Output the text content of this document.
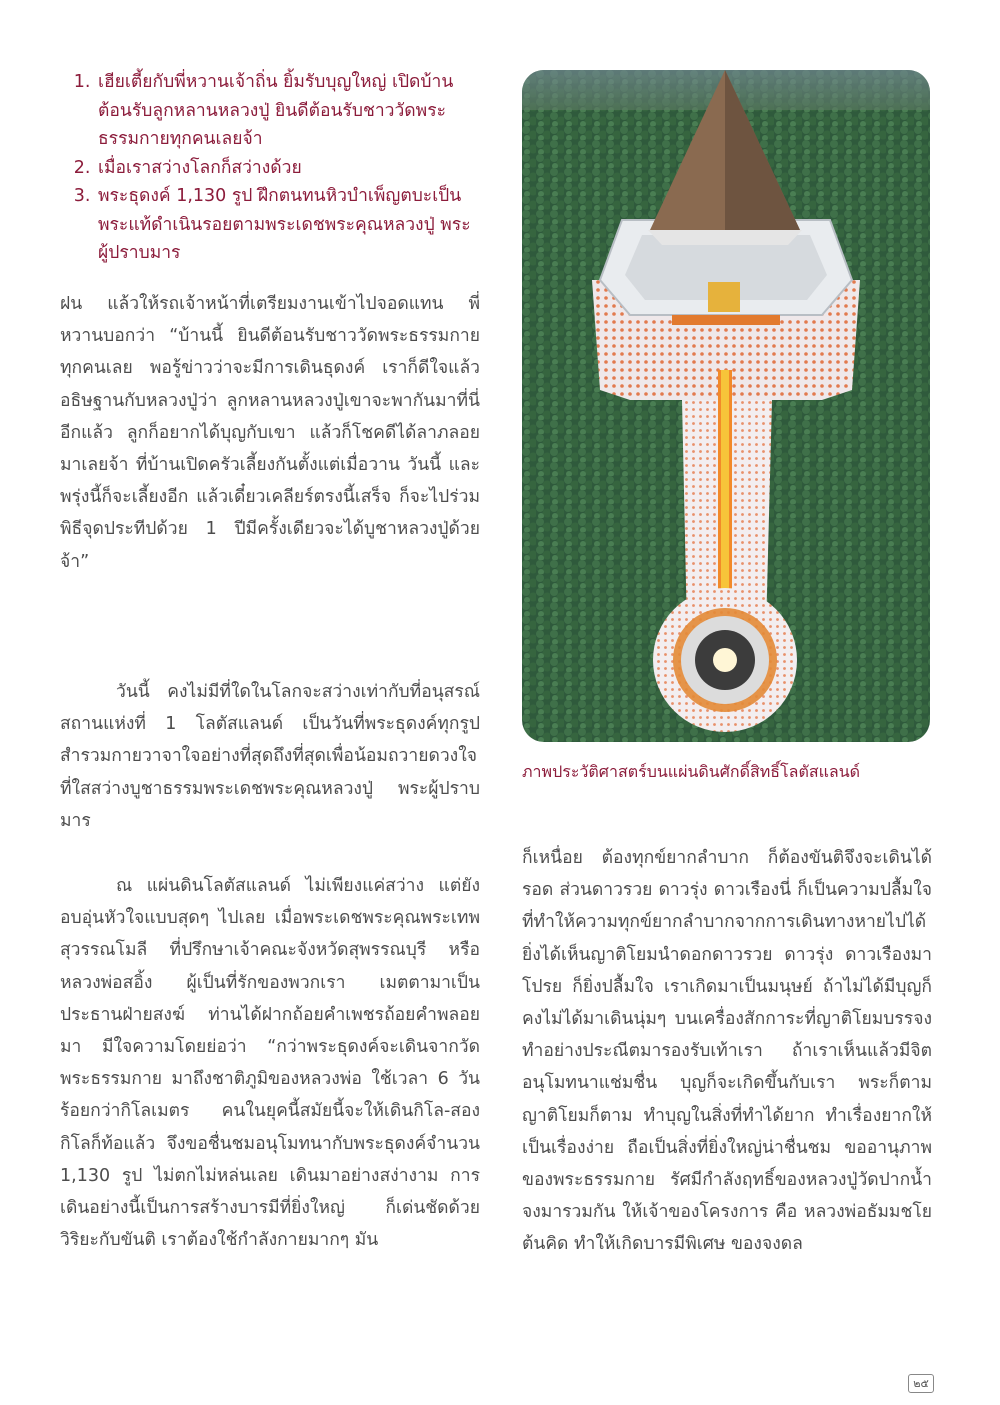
1. เฮียเตี้ยกับพี่หวานเจ้าถิ่น ยิ้มรับบุญใหญ่ เปิดบ้านต้อนรับลูกหลานหลวงปู่ ยินดีต้อนรับชาววัดพระธรรมกายทุกคนเลยจ้า
2. เมื่อเราสว่างโลกก็สว่างด้วย
3. พระธุดงค์ 1,130 รูป ฝึกตนทนหิวบำเพ็ญตบะเป็นพระแท้ดำเนินรอยตามพระเดชพระคุณหลวงปู่ พระผู้ปราบมาร

ฝน แล้วให้รถเจ้าหน้าที่เตรียมงานเข้าไปจอดแทน พี่หวานบอกว่า “บ้านนี้ ยินดีต้อนรับชาววัดพระธรรมกายทุกคนเลย พอรู้ข่าวว่าจะมีการเดินธุดงค์ เราก็ดีใจแล้ว อธิษฐานกับหลวงปู่ว่า ลูกหลานหลวงปู่เขาจะพากันมาที่นี่อีกแล้ว ลูกก็อยากได้บุญกับเขา แล้วก็โชคดีได้ลาภลอยมาเลยจ้า ที่บ้านเปิดครัวเลี้ยงกันตั้งแต่เมื่อวาน วันนี้ และพรุ่งนี้ก็จะเลี้ยงอีก แล้วเดี๋ยวเคลียร์ตรงนี้เสร็จ ก็จะไปร่วมพิธีจุดประทีปด้วย 1 ปีมีครั้งเดียวจะได้บูชาหลวงปู่ด้วยจ้า”

วันนี้ คงไม่มีที่ใดในโลกจะสว่างเท่ากับที่อนุสรณ์สถานแห่งที่ 1 โลตัสแลนด์ เป็นวันที่พระธุดงค์ทุกรูปสำรวมกายวาจาใจอย่างที่สุดถึงที่สุดเพื่อน้อมถวายดวงใจที่ใสสว่างบูชาธรรมพระเดชพระคุณหลวงปู่ พระผู้ปราบมาร

ณ แผ่นดินโลตัสแลนด์ ไม่เพียงแค่สว่าง แต่ยังอบอุ่นหัวใจแบบสุดๆ ไปเลย เมื่อพระเดชพระคุณพระเทพสุวรรณโมลี ที่ปรึกษาเจ้าคณะจังหวัดสุพรรณบุรี หรือ หลวงพ่อสอิ้ง ผู้เป็นที่รักของพวกเรา เมตตามาเป็นประธานฝ่ายสงฆ์ ท่านได้ฝากถ้อยคำเพชรถ้อยคำพลอยมา มีใจความโดยย่อว่า “กว่าพระธุดงค์จะเดินจากวัดพระธรรมกาย มาถึงชาติภูมิของหลวงพ่อ ใช้เวลา 6 วัน ร้อยกว่ากิโลเมตร คนในยุคนี้สมัยนี้จะให้เดินกิโล-สองกิโลก็ท้อแล้ว จึงขอชื่นชมอนุโมทนากับพระธุดงค์จำนวน 1,130 รูป ไม่ตกไม่หล่นเลย เดินมาอย่างสง่างาม การเดินอย่างนี้เป็นการสร้างบารมีที่ยิ่งใหญ่ ก็เด่นชัดด้วยวิริยะกับขันติ เราต้องใช้กำลังกายมากๆ มัน

ภาพประวัติศาสตร์บนแผ่นดินศักดิ์สิทธิ์โลตัสแลนด์

ก็เหนื่อย ต้องทุกข์ยากลำบาก ก็ต้องขันติจึงจะเดินได้รอด ส่วนดาวรวย ดาวรุ่ง ดาวเรืองนี่ ก็เป็นความปลื้มใจ ที่ทำให้ความทุกข์ยากลำบากจากการเดินทางหายไปได้ ยิ่งได้เห็นญาติโยมนำดอกดาวรวย ดาวรุ่ง ดาวเรืองมาโปรย ก็ยิ่งปลื้มใจ เราเกิดมาเป็นมนุษย์ ถ้าไม่ได้มีบุญก็คงไม่ได้มาเดินนุ่มๆ บนเครื่องสักการะที่ญาติโยมบรรจงทำอย่างประณีตมารองรับเท้าเรา ถ้าเราเห็นแล้วมีจิตอนุโมทนาแช่มชื่น บุญก็จะเกิดขึ้นกับเรา พระก็ตาม ญาติโยมก็ตาม ทำบุญในสิ่งที่ทำได้ยาก ทำเรื่องยากให้เป็นเรื่องง่าย ถือเป็นสิ่งที่ยิ่งใหญ่น่าชื่นชม ขออานุภาพของพระธรรมกาย รัศมีกำลังฤทธิ์ของหลวงปู่วัดปากน้ำ จงมารวมกัน ให้เจ้าของโครงการ คือ หลวงพ่อธัมมชโย ต้นคิด ทำให้เกิดบารมีพิเศษ ของจงดล

๒๕
